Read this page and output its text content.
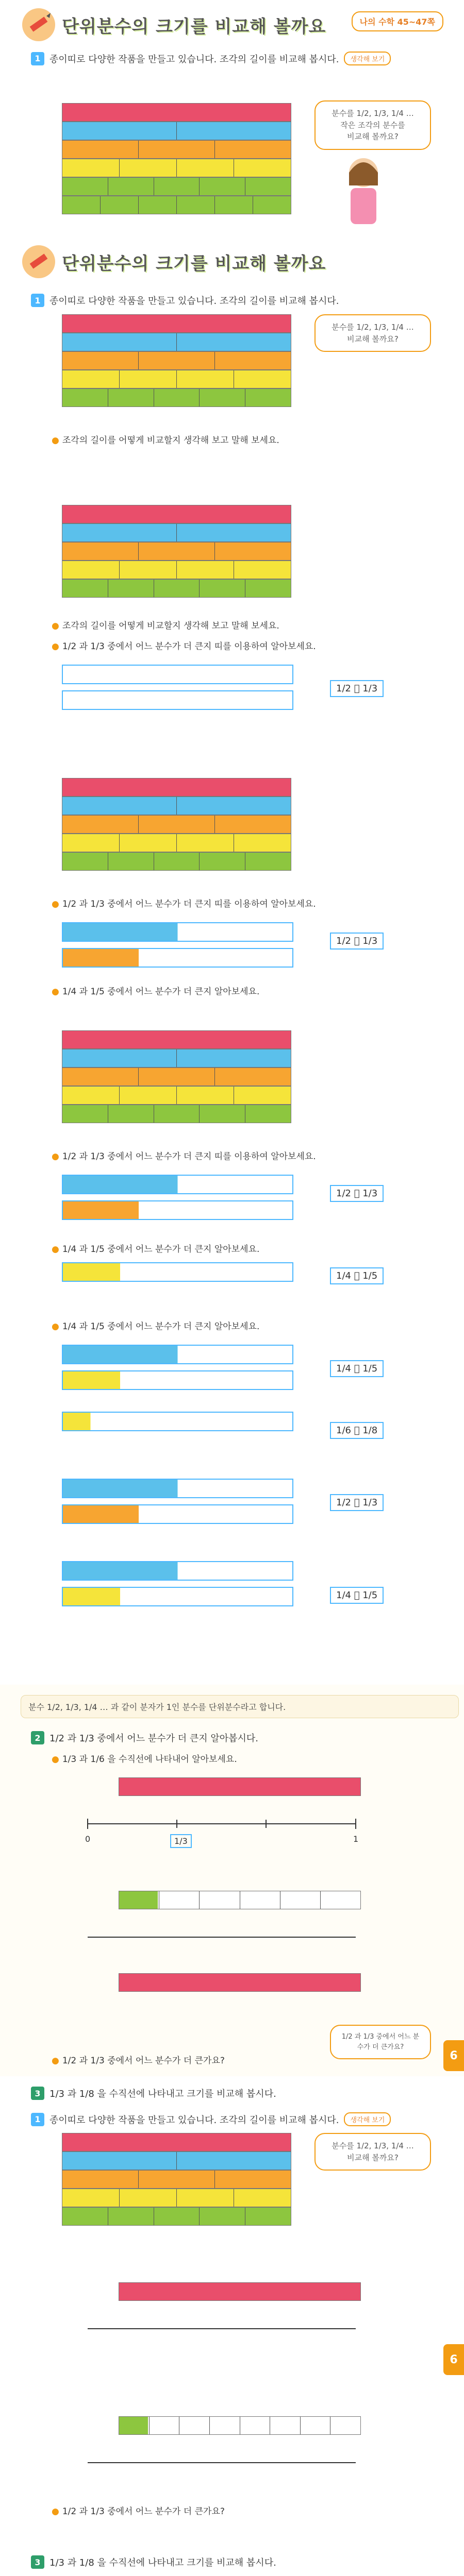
단위분수의 크기를 비교해 볼까요	나의 수학 45~47쪽
1 종이띠로 다양한 작품을 만들고 있습니다. 조각의 길이를 비교해 봅시다.	생각해 보기
분수를 1/2, 1/3, 1/4 …
작은 조각의 분수를
비교해 볼까요?
단위분수의 크기를 비교해 볼까요
1 종이띠로 다양한 작품을 만들고 있습니다. 조각의 길이를 비교해 봅시다.
분수를 1/2, 1/3, 1/4 …
비교해 볼까요?
● 조각의 길이를 어떻게 비교할지 생각해 보고 말해 보세요.
● 조각의 길이를 어떻게 비교할지 생각해 보고 말해 보세요.
● 1/2 과 1/3 중에서 어느 분수가 더 큰지 띠를 이용하여 알아보세요.
1/2 ⃝ 1/3
● 1/2 과 1/3 중에서 어느 분수가 더 큰지 띠를 이용하여 알아보세요.
1/2 ⃝ 1/3
● 1/4 과 1/5 중에서 어느 분수가 더 큰지 알아보세요.
● 1/2 과 1/3 중에서 어느 분수가 더 큰지 띠를 이용하여 알아보세요.
1/2 ⃝ 1/3
● 1/4 과 1/5 중에서 어느 분수가 더 큰지 알아보세요.
1/4 ⃝ 1/5
● 1/4 과 1/5 중에서 어느 분수가 더 큰지 알아보세요.
1/4 ⃝ 1/5
1/6 ⃝ 1/8
1/2 ⃝ 1/3
1/4 ⃝ 1/5
분수 1/2, 1/3, 1/4 … 과 같이 분자가 1인 분수를 단위분수라고 합니다.
2 1/2 과 1/3 중에서 어느 분수가 더 큰지 알아봅시다.
● 1/3 과 1/6 을 수직선에 나타내어 알아보세요.
0	1
1/3
1/2 과 1/3 중에서 어느 분수가 더 큰가요?
● 1/2 과 1/3 중에서 어느 분수가 더 큰가요?	6
3 1/3 과 1/8 을 수직선에 나타내고 크기를 비교해 봅시다.
1 종이띠로 다양한 작품을 만들고 있습니다. 조각의 길이를 비교해 봅시다.	생각해 보기
분수를 1/2, 1/3, 1/4 …
비교해 볼까요?
6
● 1/2 과 1/3 중에서 어느 분수가 더 큰가요?
3 1/3 과 1/8 을 수직선에 나타내고 크기를 비교해 봅시다.
